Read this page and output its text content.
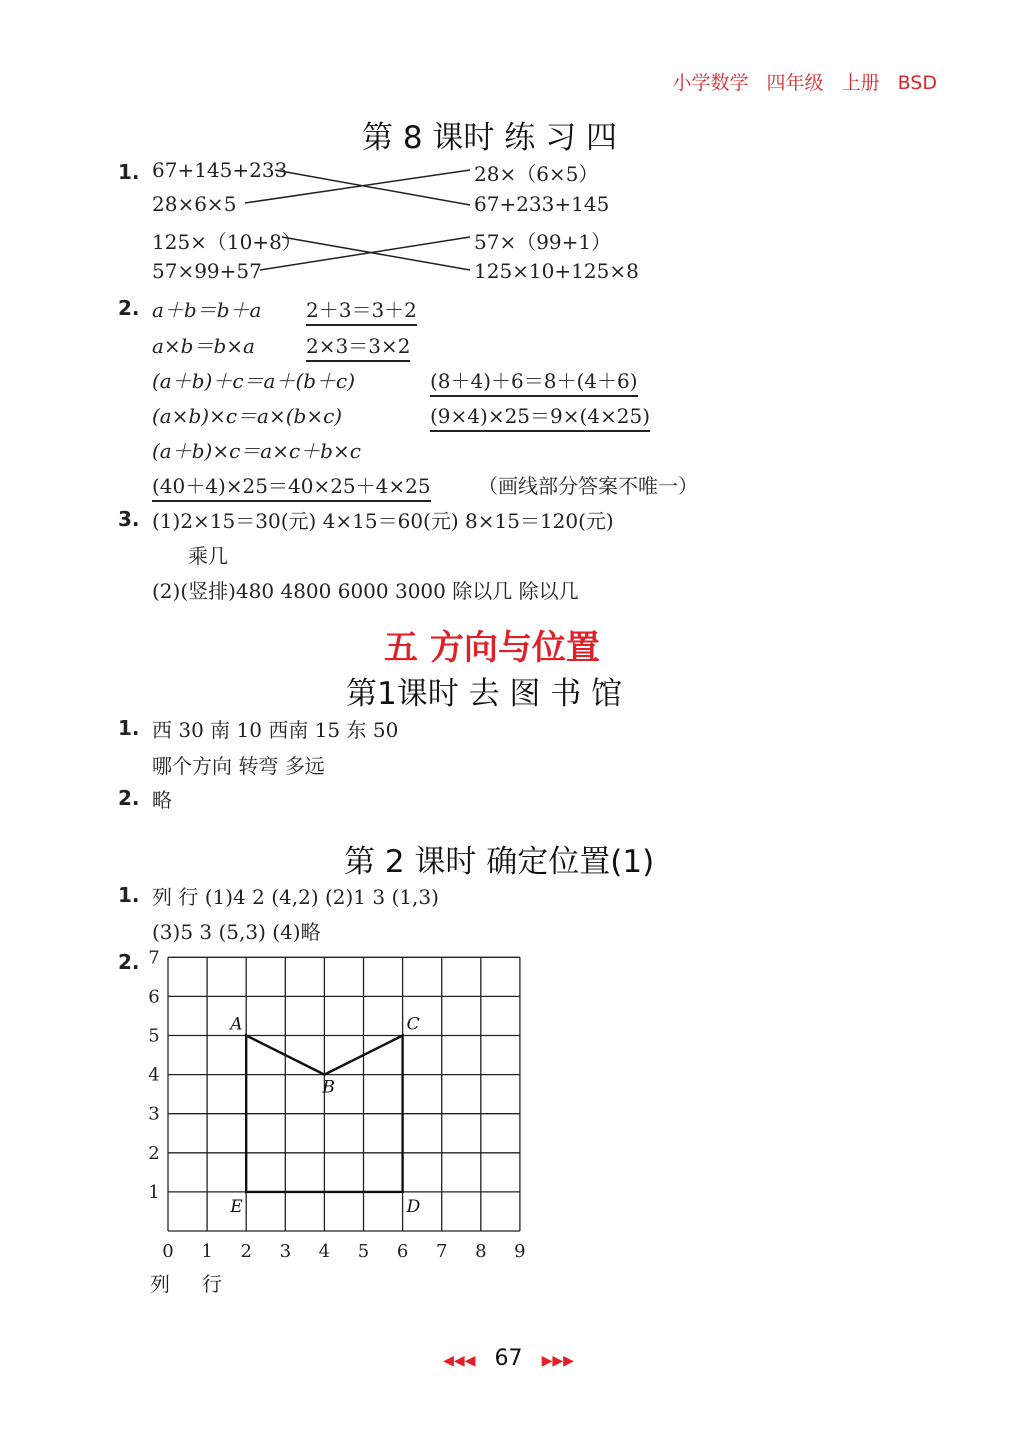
小学数学 四年级 上册 BSD
第 8 课时 练 习 四
1. 67+145+233
28×6×5
125×（10+8）
57×99+57
28×（6×5）
67+233+145
57×（99+1）
125×10+125×8
2. a＋b＝b＋a 2＋3＝3＋2
a×b＝b×a	2×3＝3×2
(a＋b)＋c＝a＋(b＋c)	(8＋4)＋6＝8＋(4＋6)
(a×b)×c＝a×(b×c)	(9×4)×25＝9×(4×25)
(a＋b)×c＝a×c＋b×c
(40＋4)×25＝40×25＋4×25 （画线部分答案不唯一）
3. (1)2×15＝30(元) 4×15＝60(元) 8×15＝120(元)
乘几
(2)(竖排)480 4800 6000 3000 除以几 除以几
五 方向与位置
第1课时 去 图 书 馆
1. 西 30 南 10 西南 15 东 50
哪个方向 转弯 多远
2. 略
第 2 课时 确定位置(1)
1. 列 行 (1)4 2 (4,2) (2)1 3 (1,3)
(3)5 3 (5,3) (4)略
2.
0 1 2 3 4 5 6 7 8 9
1
2
3
4
5
6
7
A
B
C
D
E
列 行
◀◀◀ 67 ▶▶▶
